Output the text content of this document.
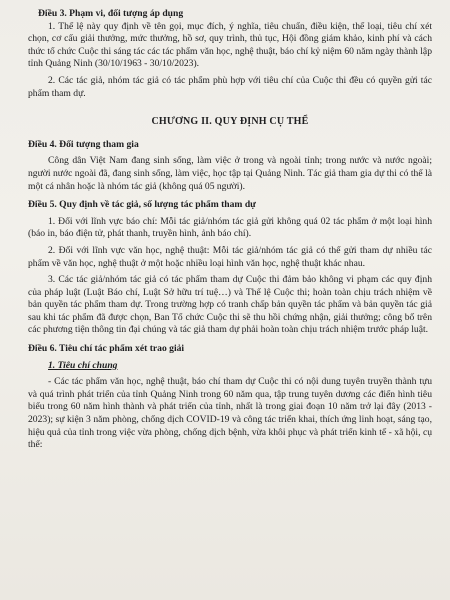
Điều 3. Phạm vi, đối tượng áp dụng

1. Thể lệ này quy định về tên gọi, mục đích, ý nghĩa, tiêu chuẩn, điều kiện, thể loại, tiêu chí xét chọn, cơ cấu giải thưởng, mức thưởng, hồ sơ, quy trình, thủ tục, Hội đồng giám khảo, kinh phí và cách thức tổ chức Cuộc thi sáng tác các tác phẩm văn học, nghệ thuật, báo chí kỷ niệm 60 năm ngày thành lập tỉnh Quảng Ninh (30/10/1963 - 30/10/2023).

2. Các tác giả, nhóm tác giả có tác phẩm phù hợp với tiêu chí của Cuộc thi đều có quyền gửi tác phẩm tham dự.

CHƯƠNG II. QUY ĐỊNH CỤ THỂ

Điều 4. Đối tượng tham gia

Công dân Việt Nam đang sinh sống, làm việc ở trong và ngoài tỉnh; trong nước và nước ngoài; người nước ngoài đã, đang sinh sống, làm việc, học tập tại Quảng Ninh. Tác giả tham gia dự thi có thể là một cá nhân hoặc là nhóm tác giả (không quá 05 người).

Điều 5. Quy định về tác giả, số lượng tác phẩm tham dự

1. Đối với lĩnh vực báo chí: Mỗi tác giả/nhóm tác giả gửi không quá 02 tác phẩm ở một loại hình (báo in, báo điện tử, phát thanh, truyền hình, ảnh báo chí).

2. Đối với lĩnh vực văn học, nghệ thuật: Mỗi tác giả/nhóm tác giả có thể gửi tham dự nhiều tác phẩm về văn học, nghệ thuật ở một hoặc nhiều loại hình văn học, nghệ thuật khác nhau.

3. Các tác giả/nhóm tác giả có tác phẩm tham dự Cuộc thi đảm bảo không vi phạm các quy định của pháp luật (Luật Báo chí, Luật Sở hữu trí tuệ…) và Thể lệ Cuộc thi; hoàn toàn chịu trách nhiệm về bản quyền tác phẩm tham dự. Trong trường hợp có tranh chấp bản quyền tác phẩm và bản quyền tác giả sau khi tác phẩm đã được chọn, Ban Tổ chức Cuộc thi sẽ thu hồi chứng nhận, giải thưởng; công bố trên các phương tiện thông tin đại chúng và tác giả tham dự phải hoàn toàn chịu trách nhiệm trước pháp luật.

Điều 6. Tiêu chí tác phẩm xét trao giải

1. Tiêu chí chung

- Các tác phẩm văn học, nghệ thuật, báo chí tham dự Cuộc thi có nội dung tuyên truyền thành tựu và quá trình phát triển của tỉnh Quảng Ninh trong 60 năm qua, tập trung tuyên dương các điển hình tiêu biểu trong 60 năm hình thành và phát triển của tỉnh, nhất là trong giai đoạn 10 năm trở lại đây (2013 - 2023); sự kiện 3 năm phòng, chống dịch COVID-19 và công tác triển khai, thích ứng linh hoạt, sáng tạo, hiệu quả của tỉnh trong việc vừa phòng, chống dịch bệnh, vừa khôi phục và phát triển kinh tế - xã hội, cụ thể:
